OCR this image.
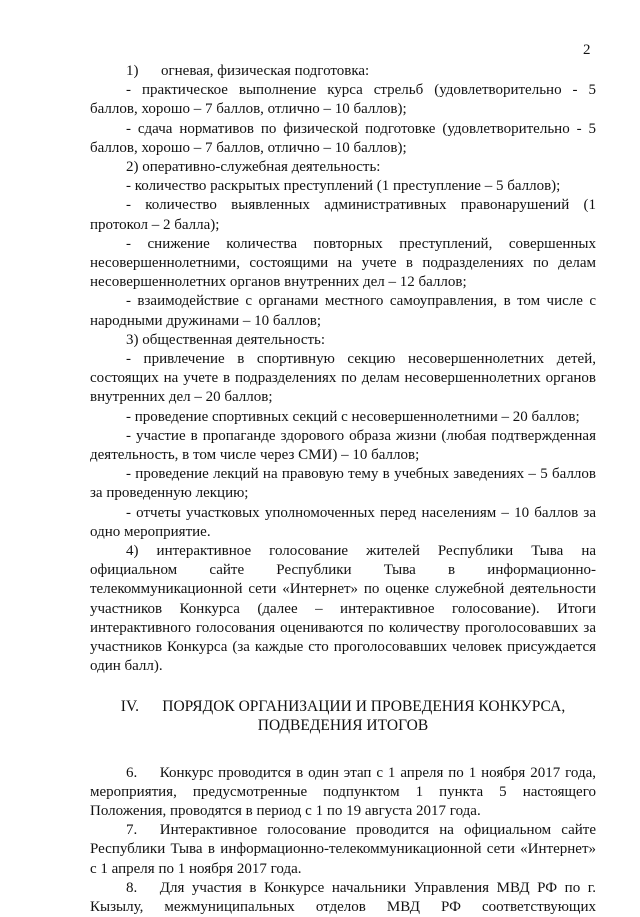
2

1)  огневая, физическая подготовка:

- практическое выполнение курса стрельб (удовлетворительно - 5 баллов, хорошо – 7 баллов, отлично – 10 баллов);

- сдача нормативов по физической подготовке (удовлетворительно - 5 баллов, хорошо – 7 баллов, отлично – 10 баллов);

2) оперативно-служебная деятельность:

- количество раскрытых преступлений (1 преступление – 5 баллов);

- количество выявленных административных правонарушений (1 протокол – 2 балла);

- снижение количества повторных преступлений, совершенных несовершеннолетними, состоящими на учете в подразделениях по делам несовершеннолетних органов внутренних дел – 12 баллов;

- взаимодействие с органами местного самоуправления, в том числе с народными дружинами – 10 баллов;

3) общественная деятельность:

- привлечение в спортивную секцию несовершеннолетних детей, состоящих на учете в подразделениях по делам несовершеннолетних органов внутренних дел – 20 баллов;

- проведение спортивных секций с несовершеннолетними – 20 баллов;

- участие в пропаганде здорового образа жизни (любая подтвержденная деятельность, в том числе через СМИ) – 10 баллов;

- проведение лекций на правовую тему в учебных заведениях – 5 баллов за проведенную лекцию;

- отчеты участковых уполномоченных перед населениям – 10 баллов за одно мероприятие.

4) интерактивное голосование жителей Республики Тыва на официальном сайте Республики Тыва в информационно-телекоммуникационной сети «Интернет» по оценке служебной деятельности участников Конкурса (далее – интерактивное голосование). Итоги интерактивного голосования оцениваются по количеству проголосовавших за участников Конкурса (за каждые сто проголосовавших человек присуждается один балл).

IV.  ПОРЯДОК ОРГАНИЗАЦИИ И ПРОВЕДЕНИЯ КОНКУРСА,
ПОДВЕДЕНИЯ ИТОГОВ

6.  Конкурс проводится в один этап с 1 апреля по 1 ноября 2017 года, мероприятия, предусмотренные подпунктом 1 пункта 5 настоящего Положения, проводятся в период с 1 по 19 августа 2017 года.

7.  Интерактивное голосование проводится на официальном сайте Республики Тыва в информационно-телекоммуникационной сети «Интернет» с 1 апреля по 1 ноября 2017 года.

8.  Для участия в Конкурсе начальники Управления МВД РФ по г. Кызылу, межмуниципальных отделов МВД РФ соответствующих
